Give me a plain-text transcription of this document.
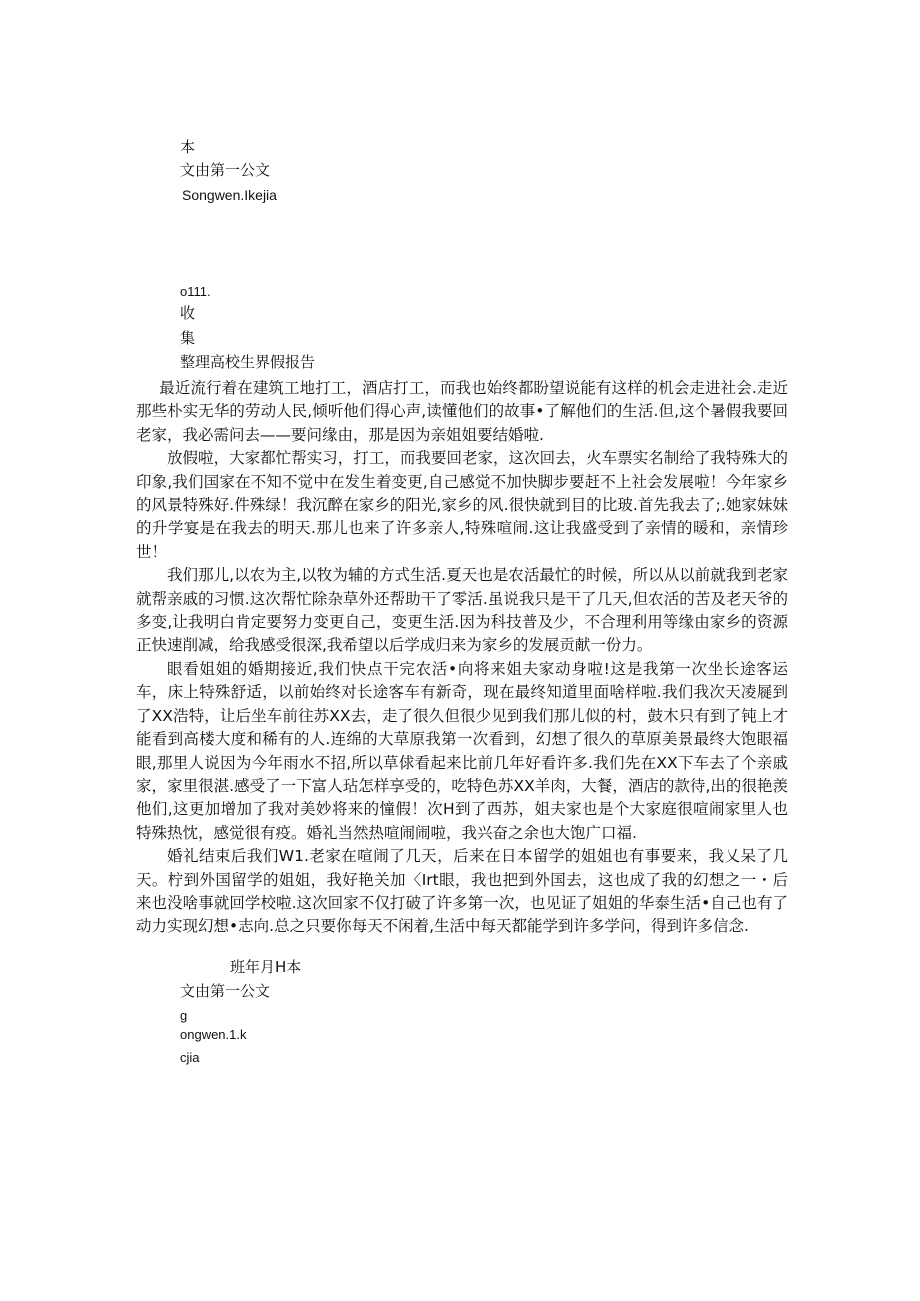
本
文由第一公文
Songwen.Ikejia
o111.
收
集
整理高校生界假报告

最近流行着在建筑工地打工，酒店打工，而我也始终都盼望说能有这样的机会走进社会.走近那些朴实无华的劳动人民,倾听他们得心声,读懂他们的故事•了解他们的生活.但,这个暑假我要回老家，我必需问去——要问缘由，那是因为亲姐姐要结婚啦.

放假啦，大家都忙帮实习，打工，而我要回老家，这次回去，火车票实名制给了我特殊大的印象,我们国家在不知不觉中在发生着变更,自己感觉不加快脚步要赶不上社会发展啦！今年家乡的风景特殊好.件殊绿！我沉醉在家乡的阳光,家乡的风.很快就到目的比玻.首先我去了;.她家妹妹的升学宴是在我去的明天.那儿也来了许多亲人,特殊喧闹.这让我盛受到了亲情的暖和，亲情珍世！

我们那儿,以农为主,以牧为辅的方式生活.夏天也是农活最忙的时候，所以从以前就我到老家就帮亲戚的习惯.这次帮忙除杂草外还帮助干了零活.虽说我只是干了几天,但农活的苦及老天爷的多变,让我明白肯定要努力变更自己，变更生活.因为科技普及少，不合理利用等缘由家乡的资源正快速削减，给我感受很深,我希望以后学成归来为家乡的发展贡献一份力。

眼看姐姐的婚期接近,我们快点干完农活•向将来姐夫家动身啦!这是我第一次坐长途客运车，床上特殊舒适，以前始终对长途客车有新奇，现在最终知道里面啥样啦.我们我次天凌屣到了XX浩特，让后坐车前往苏XX去，走了很久但很少见到我们那儿似的村，鼓木只有到了钝上才能看到高楼大度和稀有的人.连绵的大草原我第一次看到，幻想了很久的草原美景最终大饱眼福眼,那里人说因为今年雨水不招,所以草俅看起来比前几年好看许多.我们先在XX下车去了个亲戚家，家里很湛.感受了一下富人玷怎样享受的，吃特色苏XX羊肉，大餐，酒店的款待,出的很艳羡他们,这更加增加了我对美妙将来的憧假！次H到了西苏，姐夫家也是个大家庭很喧闹家里人也特殊热忱，感觉很有疫。婚礼当然热喧闹闹啦，我兴奋之余也大饱广口福.

婚礼结束后我们W1.老家在喧闹了几天，后来在日本留学的姐姐也有事要来，我乂呆了几天。柠到外国留学的姐姐，我好艳关加〈Irt眼，我也把到外国去，这也成了我的幻想之一・后来也没啥事就回学校啦.这次回家不仅打破了许多第一次，也见证了姐姐的华泰生活•自己也有了动力实现幻想•志向.总之只要你每天不闲着,生活中每天都能学到许多学问，得到许多信念.

班年月H本
文由第一公文
g
ongwen.1.k
cjia
